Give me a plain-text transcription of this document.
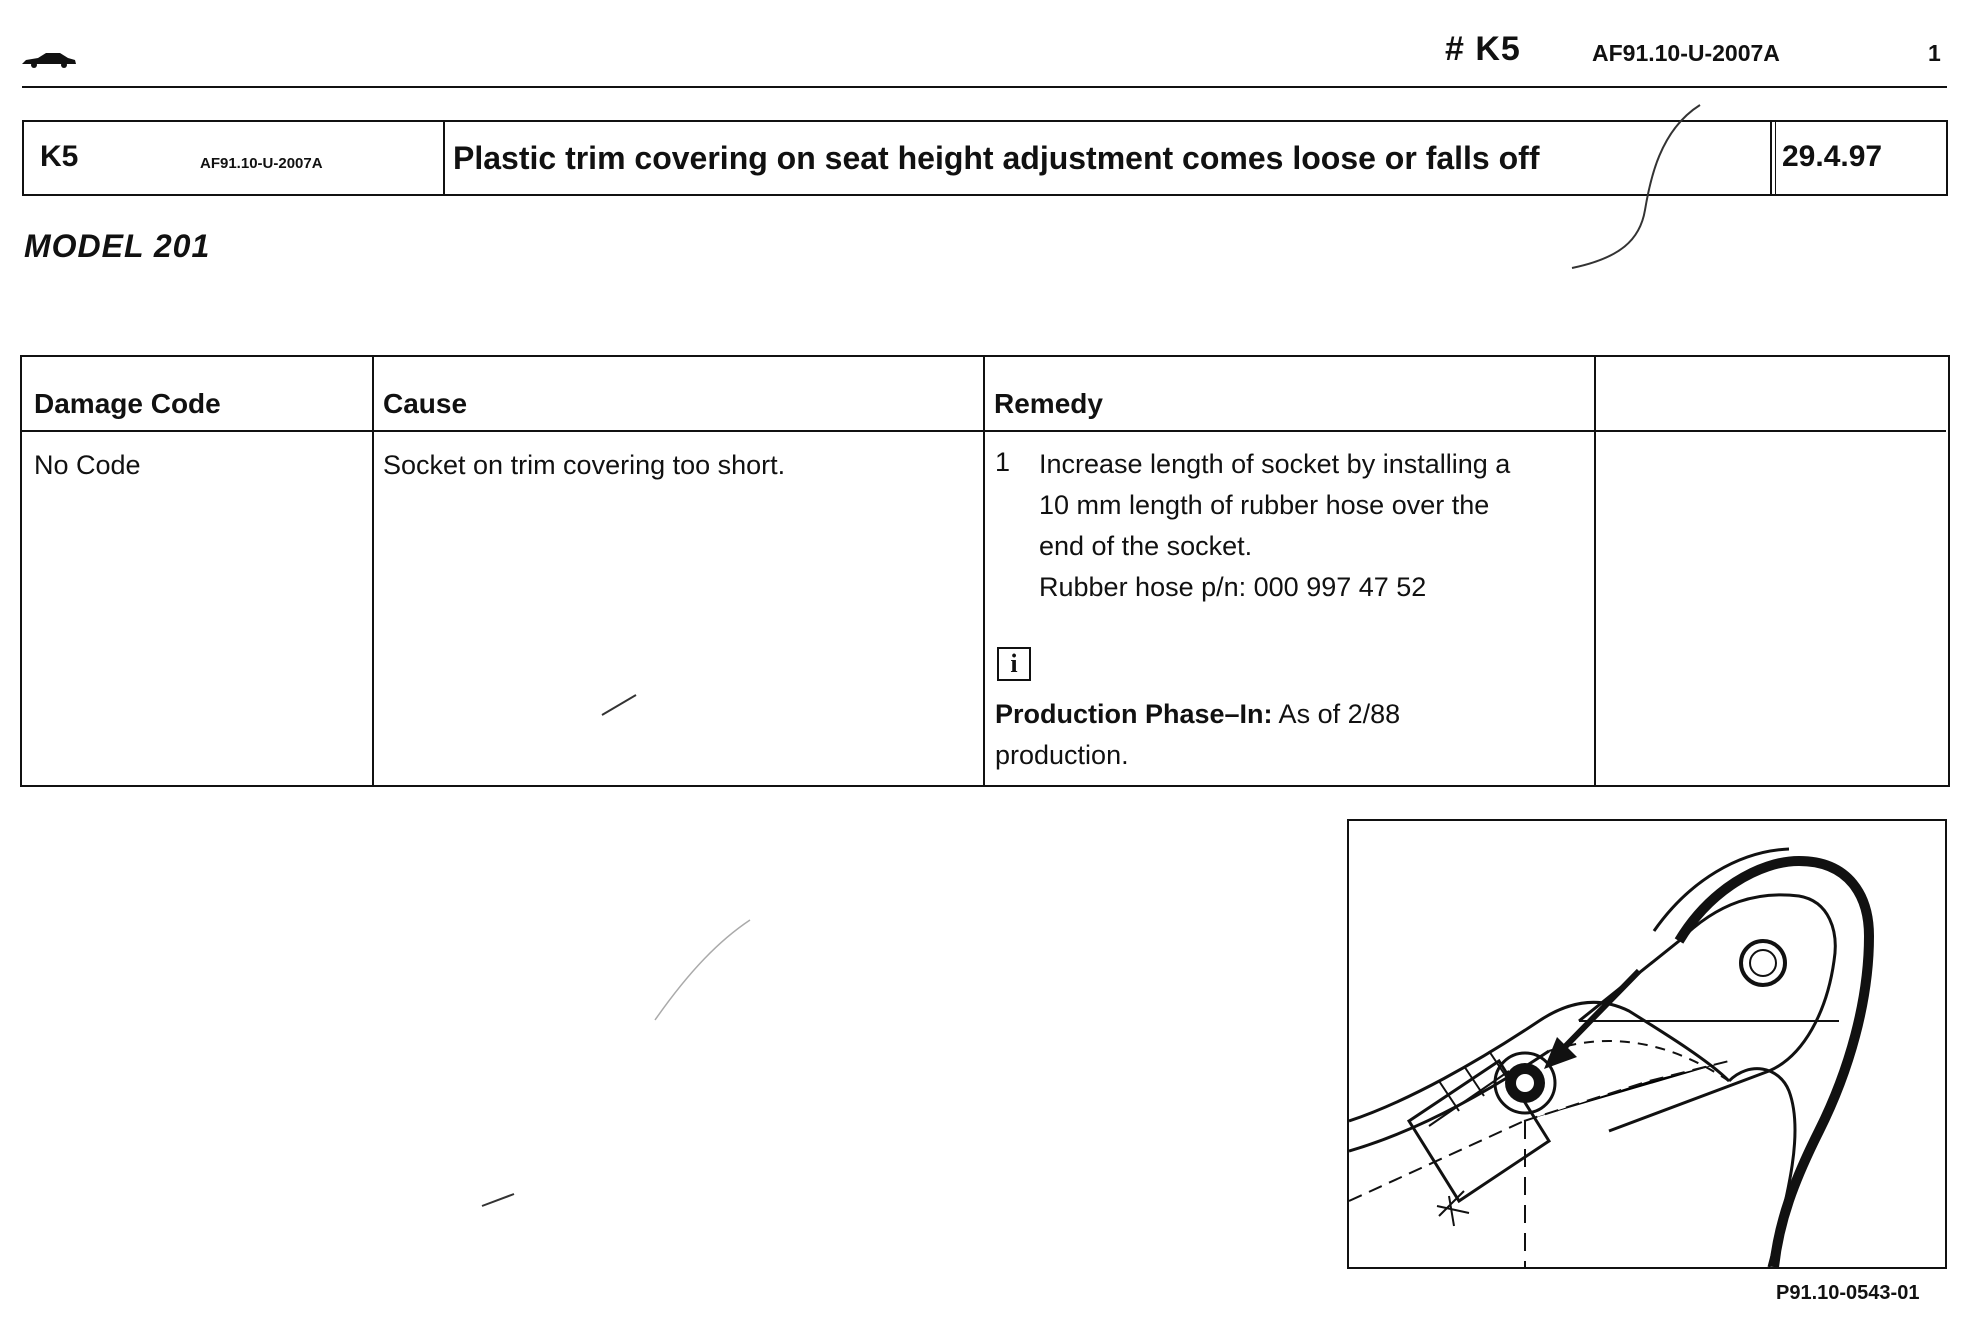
# K5	AF91.10-U-2007A	1
K5	AF91.10-U-2007A	Plastic trim covering on seat height adjustment comes loose or falls off	29.4.97
MODEL 201
Damage Code	Cause	Remedy
No Code	Socket on trim covering too short.	1 Increase length of socket by installing a
10 mm length of rubber hose over the
end of the socket.
Rubber hose p/n: 000 997 47 52
i
Production Phase–In: As of 2/88
production.
P91.10-0543-01
